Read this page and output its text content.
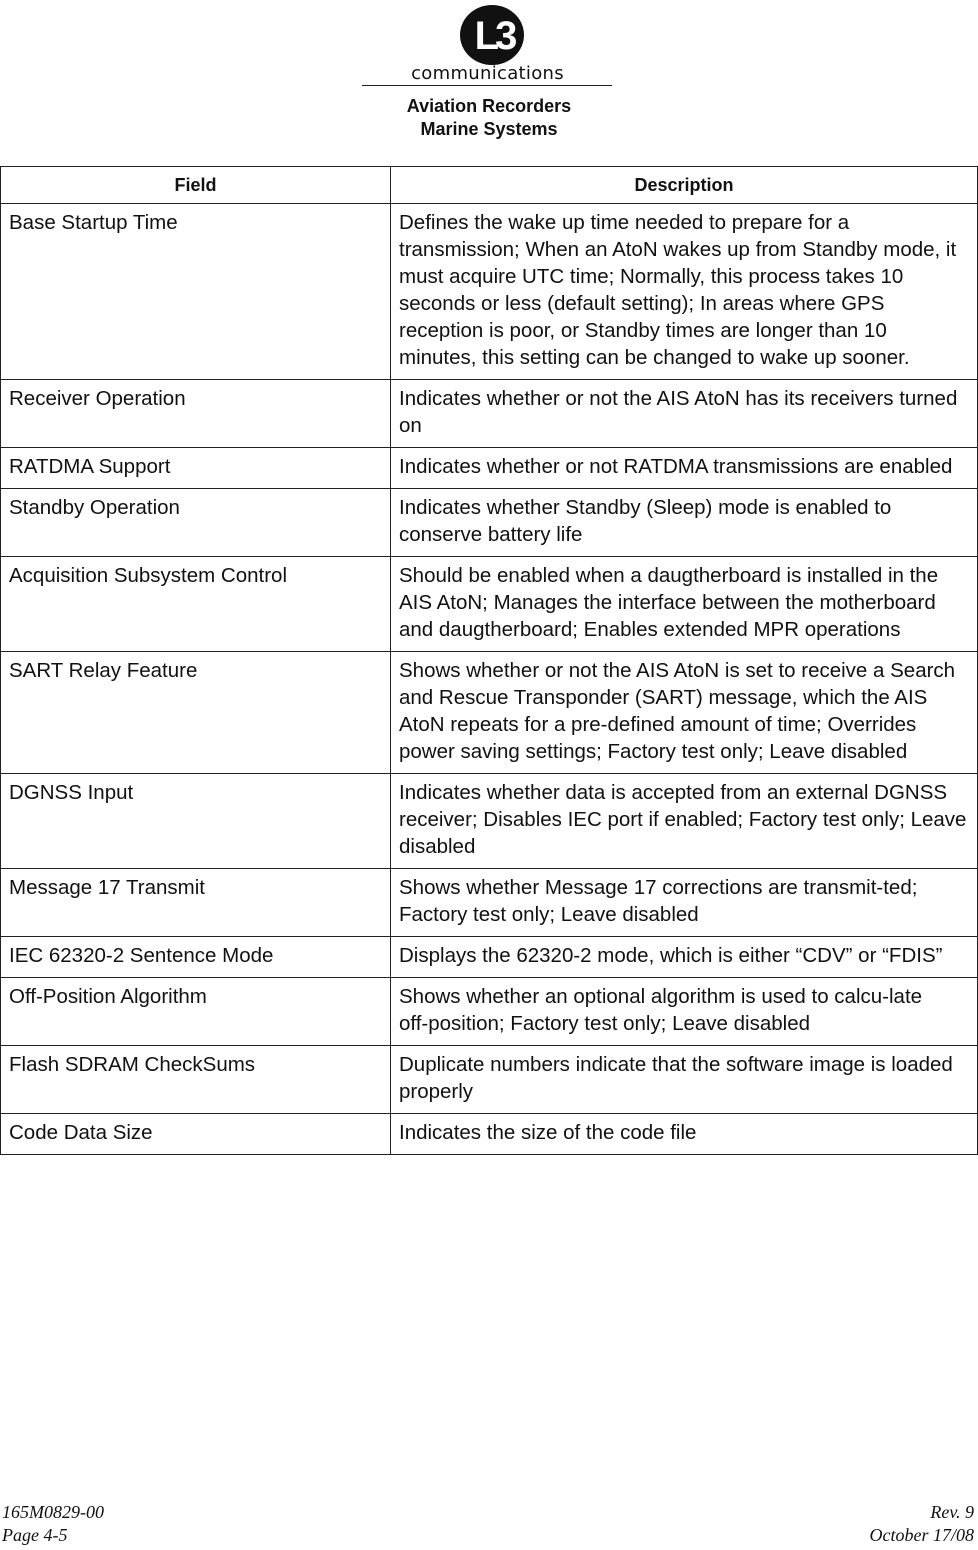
L3
communications
Aviation Recorders
Marine Systems
Field	Description
Base Startup Time	Defines the wake up time needed to prepare for a transmission; When an AtoN wakes up from Standby mode, it must acquire UTC time; Normally, this process takes 10 seconds or less (default setting); In areas where GPS reception is poor, or Standby times are longer than 10 minutes, this setting can be changed to wake up sooner.
Receiver Operation	Indicates whether or not the AIS AtoN has its receivers turned on
RATDMA Support	Indicates whether or not RATDMA transmissions are enabled
Standby Operation	Indicates whether Standby (Sleep) mode is enabled to conserve battery life
Acquisition Subsystem Control	Should be enabled when a daugtherboard is installed in the AIS AtoN; Manages the interface between the motherboard and daugtherboard; Enables extended MPR operations
SART Relay Feature	Shows whether or not the AIS AtoN is set to receive a Search and Rescue Transponder (SART) message, which the AIS AtoN repeats for a pre‑defined amount of time; Overrides power saving settings; Factory test only; Leave disabled
DGNSS Input	Indicates whether data is accepted from an external DGNSS receiver; Disables IEC port if enabled; Factory test only; Leave disabled
Message 17 Transmit	Shows whether Message 17 corrections are transmit-ted; Factory test only; Leave disabled
IEC 62320‑2 Sentence Mode	Displays the 62320‑2 mode, which is either “CDV” or “FDIS”
Off‑Position Algorithm	Shows whether an optional algorithm is used to calcu-late off‑position; Factory test only; Leave disabled
Flash SDRAM CheckSums	Duplicate numbers indicate that the software image is loaded properly
Code Data Size	Indicates the size of the code file
165M0829‑00
Page 4‑5
Rev. 9
October 17/08
